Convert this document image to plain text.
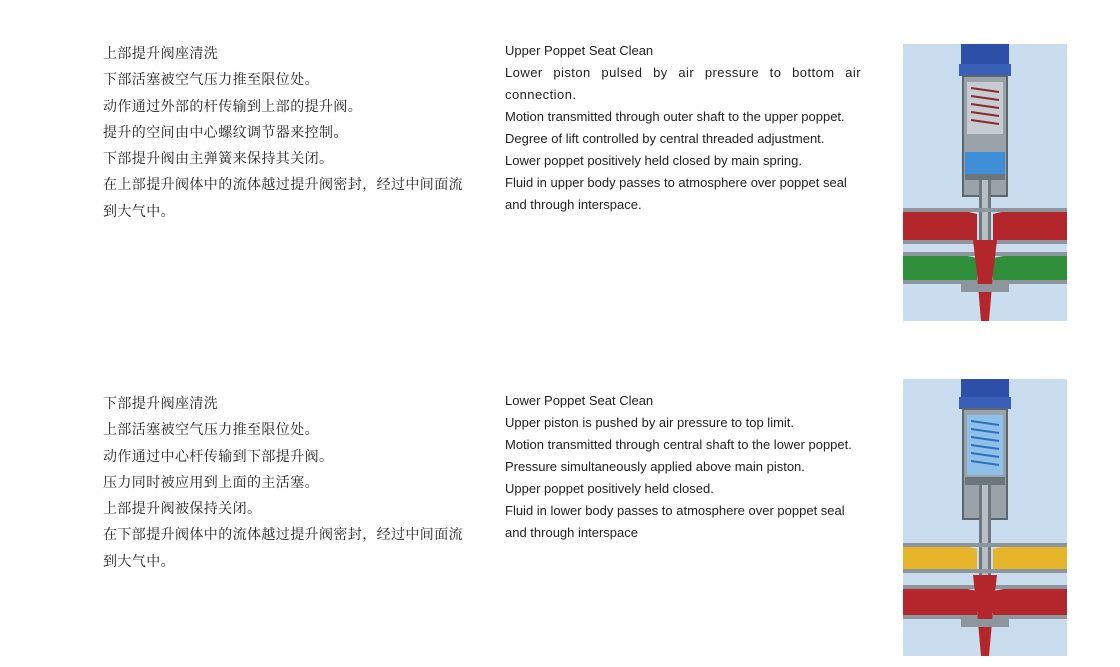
上部提升阀座清洗

下部活塞被空气压力推至限位处。

动作通过外部的杆传输到上部的提升阀。

提升的空间由中心螺纹调节器来控制。

下部提升阀由主弹簧来保持其关闭。

在上部提升阀体中的流体越过提升阀密封，经过中间面流到大气中。

Upper Poppet Seat Clean

Lower piston pulsed by air pressure to bottom air connection.

Motion transmitted through outer shaft to the upper poppet.

Degree of lift controlled by central threaded adjustment.

Lower poppet positively held closed by main spring.

Fluid in upper body passes to atmosphere over poppet seal and through interspace.

下部提升阀座清洗

上部活塞被空气压力推至限位处。

动作通过中心杆传输到下部提升阀。

压力同时被应用到上面的主活塞。

上部提升阀被保持关闭。

在下部提升阀体中的流体越过提升阀密封，经过中间面流到大气中。

Lower Poppet Seat Clean

Upper piston is pushed by air pressure to top limit.

Motion transmitted through central shaft to the lower poppet.

Pressure simultaneously applied above main piston.

Upper poppet positively held closed.

Fluid in lower body passes to atmosphere over poppet seal and through interspace
